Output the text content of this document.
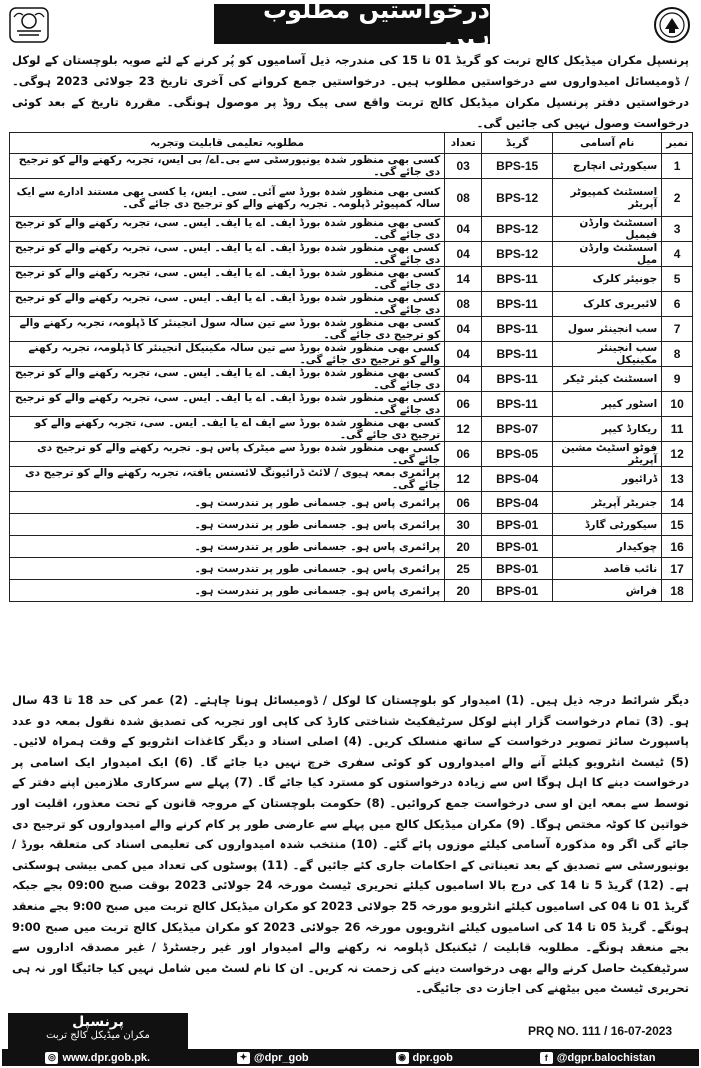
درخواستیں مطلوب ہیں
پرنسپل مکران میڈیکل کالج تربت کو گریڈ 01 تا 15 کی مندرجہ ذیل آسامیوں کو پُر کرنے کے لئے صوبہ بلوچستان کے لوکل / ڈومیسائل امیدواروں سے درخواستیں مطلوب ہیں۔ درخواستیں جمع کروانے کی آخری تاریخ 23 جولائی 2023 ہوگی۔ درخواستیں دفتر پرنسپل مکران میڈیکل کالج تربت واقع سی پیک روڈ پر موصول ہونگی۔ مقررہ تاریخ کے بعد کوئی درخواست وصول نہیں کی جائیں گی۔
نمبر	نام آسامی	گریڈ	تعداد	مطلوبہ تعلیمی قابلیت وتجربہ
1	سیکورٹی انچارج	BPS-15	03	کسی بھی منظور شدہ یونیورسٹی سے بی۔اے/ بی ایس، تجربہ رکھنے والے کو ترجیح دی جائے گی۔
2	اسسٹنٹ کمپیوٹر آپریٹر	BPS-12	08	کسی بھی منظور شدہ بورڈ سے آئی۔ سی۔ ایس، یا کسی بھی مستند ادارے سے ایک سالہ کمپیوٹر ڈپلومہ۔ تجربہ رکھنے والے کو ترجیح دی جائے گی۔
3	اسسٹنٹ وارڈن فیمیل	BPS-12	04	کسی بھی منظور شدہ بورڈ ایف۔ اے یا ایف۔ ایس۔ سی، تجربہ رکھنے والے کو ترجیح دی جائے گی۔
4	اسسٹنٹ وارڈن میل	BPS-12	04	کسی بھی منظور شدہ بورڈ ایف۔ اے یا ایف۔ ایس۔ سی، تجربہ رکھنے والے کو ترجیح دی جائے گی۔
5	جونیئر کلرک	BPS-11	14	کسی بھی منظور شدہ بورڈ ایف۔ اے یا ایف۔ ایس۔ سی، تجربہ رکھنے والے کو ترجیح دی جائے گی۔
6	لائبریری کلرک	BPS-11	08	کسی بھی منظور شدہ بورڈ ایف۔ اے یا ایف۔ ایس۔ سی، تجربہ رکھنے والے کو ترجیح دی جائے گی۔
7	سب انجینئر سول	BPS-11	04	کسی بھی منظور شدہ بورڈ سے تین سالہ سول انجینئر کا ڈپلومہ، تجربہ رکھنے والے کو ترجیح دی جائے گی۔
8	سب انجینئر مکینیکل	BPS-11	04	کسی بھی منظور شدہ بورڈ سے تین سالہ مکینیکل انجینئر کا ڈپلومہ، تجربہ رکھنے والے کو ترجیح دی جائے گی۔
9	اسسٹنٹ کیئر ٹیکر	BPS-11	04	کسی بھی منظور شدہ بورڈ ایف۔ اے یا ایف۔ ایس۔ سی، تجربہ رکھنے والے کو ترجیح دی جائے گی۔
10	اسٹور کیپر	BPS-11	06	کسی بھی منظور شدہ بورڈ ایف۔ اے یا ایف۔ ایس۔ سی، تجربہ رکھنے والے کو ترجیح دی جائے گی۔
11	ریکارڈ کیپر	BPS-07	12	کسی بھی منظور شدہ بورڈ سے ایف اے یا ایف۔ ایس۔ سی، تجربہ رکھنے والے کو ترجیح دی جائے گی۔
12	فوٹو اسٹیٹ مشین آپریٹر	BPS-05	06	کسی بھی منظور شدہ بورڈ سے میٹرک پاس ہو۔ تجربہ رکھنے والے کو ترجیح دی جائے گی۔
13	ڈرائیور	BPS-04	12	پرائمری بمعہ ہیوی / لائٹ ڈرائیونگ لائسنس یافتہ، تجربہ رکھنے والے کو ترجیح دی جائے گی۔
14	جنریٹر آپریٹر	BPS-04	06	پرائمری پاس ہو۔ جسمانی طور پر تندرست ہو۔
15	سیکورٹی گارڈ	BPS-01	30	پرائمری پاس ہو۔ جسمانی طور پر تندرست ہو۔
16	چوکیدار	BPS-01	20	پرائمری پاس ہو۔ جسمانی طور پر تندرست ہو۔
17	نائب قاصد	BPS-01	25	پرائمری پاس ہو۔ جسمانی طور پر تندرست ہو۔
18	فراش	BPS-01	20	پرائمری پاس ہو۔ جسمانی طور پر تندرست ہو۔
دیگر شرائط درجہ ذیل ہیں۔ (1) امیدوار کو بلوچستان کا لوکل / ڈومیسائل ہونا چاہئے۔ (2) عمر کی حد 18 تا 43 سال ہو۔ (3) تمام درخواست گزار اپنے لوکل سرٹیفکیٹ شناختی کارڈ کی کاپی اور تجربہ کی تصدیق شدہ نقول بمعہ دو عدد پاسپورٹ سائز تصویر درخواست کے ساتھ منسلک کریں۔ (4) اصلی اسناد و دیگر کاغذات انٹرویو کے وقت ہمراہ لائیں۔ (5) ٹیسٹ انٹرویو کیلئے آنے والے امیدواروں کو کوئی سفری خرچ نہیں دیا جائے گا۔ (6) ایک امیدوار ایک اسامی پر درخواست دینے کا اہل ہوگا اس سے زیادہ درخواستوں کو مسترد کیا جائے گا۔ (7) پہلے سے سرکاری ملازمین اپنے دفتر کے توسط سے بمعہ این او سی درخواست جمع کروائیں۔ (8) حکومت بلوچستان کے مروجہ قانون کے تحت معذور، اقلیت اور خواتین کا کوٹہ مختص ہوگا۔ (9) مکران میڈیکل کالج میں پہلے سے عارضی طور پر کام کرنے والے امیدواروں کو ترجیح دی جائے گی اگر وہ مذکورہ آسامی کیلئے موزوں پائے گئے۔ (10) منتخب شدہ امیدواروں کی تعلیمی اسناد کی متعلقہ بورڈ / یونیورسٹی سے تصدیق کے بعد تعیناتی کے احکامات جاری کئے جائیں گے۔ (11) پوسٹوں کی تعداد میں کمی بیشی ہوسکتی ہے۔ (12) گریڈ 5 تا 14 کی درج بالا اسامیوں کیلئے تحریری ٹیسٹ مورخہ 24 جولائی 2023 بوقت صبح 09:00 بجے جبکہ گریڈ 01 تا 04 کی اسامیوں کیلئے انٹرویو مورخہ 25 جولائی 2023 کو مکران میڈیکل کالج تربت میں صبح 9:00 بجے منعقد ہونگے۔ گریڈ 05 تا 14 کی اسامیوں کیلئے انٹرویوں مورخہ 26 جولائی 2023 کو مکران میڈیکل کالج تربت میں صبح 9:00 بجے منعقد ہونگے۔ مطلوبہ قابلیت / ٹیکنیکل ڈپلومہ نہ رکھنے والے امیدوار اور غیر رجسٹرڈ / غیر مصدقہ اداروں سے سرٹیفکیٹ حاصل کرنے والے بھی درخواست دینے کی زحمت نہ کریں۔ ان کا نام لسٹ میں شامل نہیں کیا جائیگا اور نہ ہی تحریری ٹیسٹ میں بیٹھنے کی اجازت دی جائیگی۔
پرنسپل
مکران میڈیکل کالج تربت	PRQ NO. 111 / 16-07-2023
◎ www.dpr.gob.pk.	✦ @dpr_gob	◉ dpr.gob	f @dgpr.balochistan
